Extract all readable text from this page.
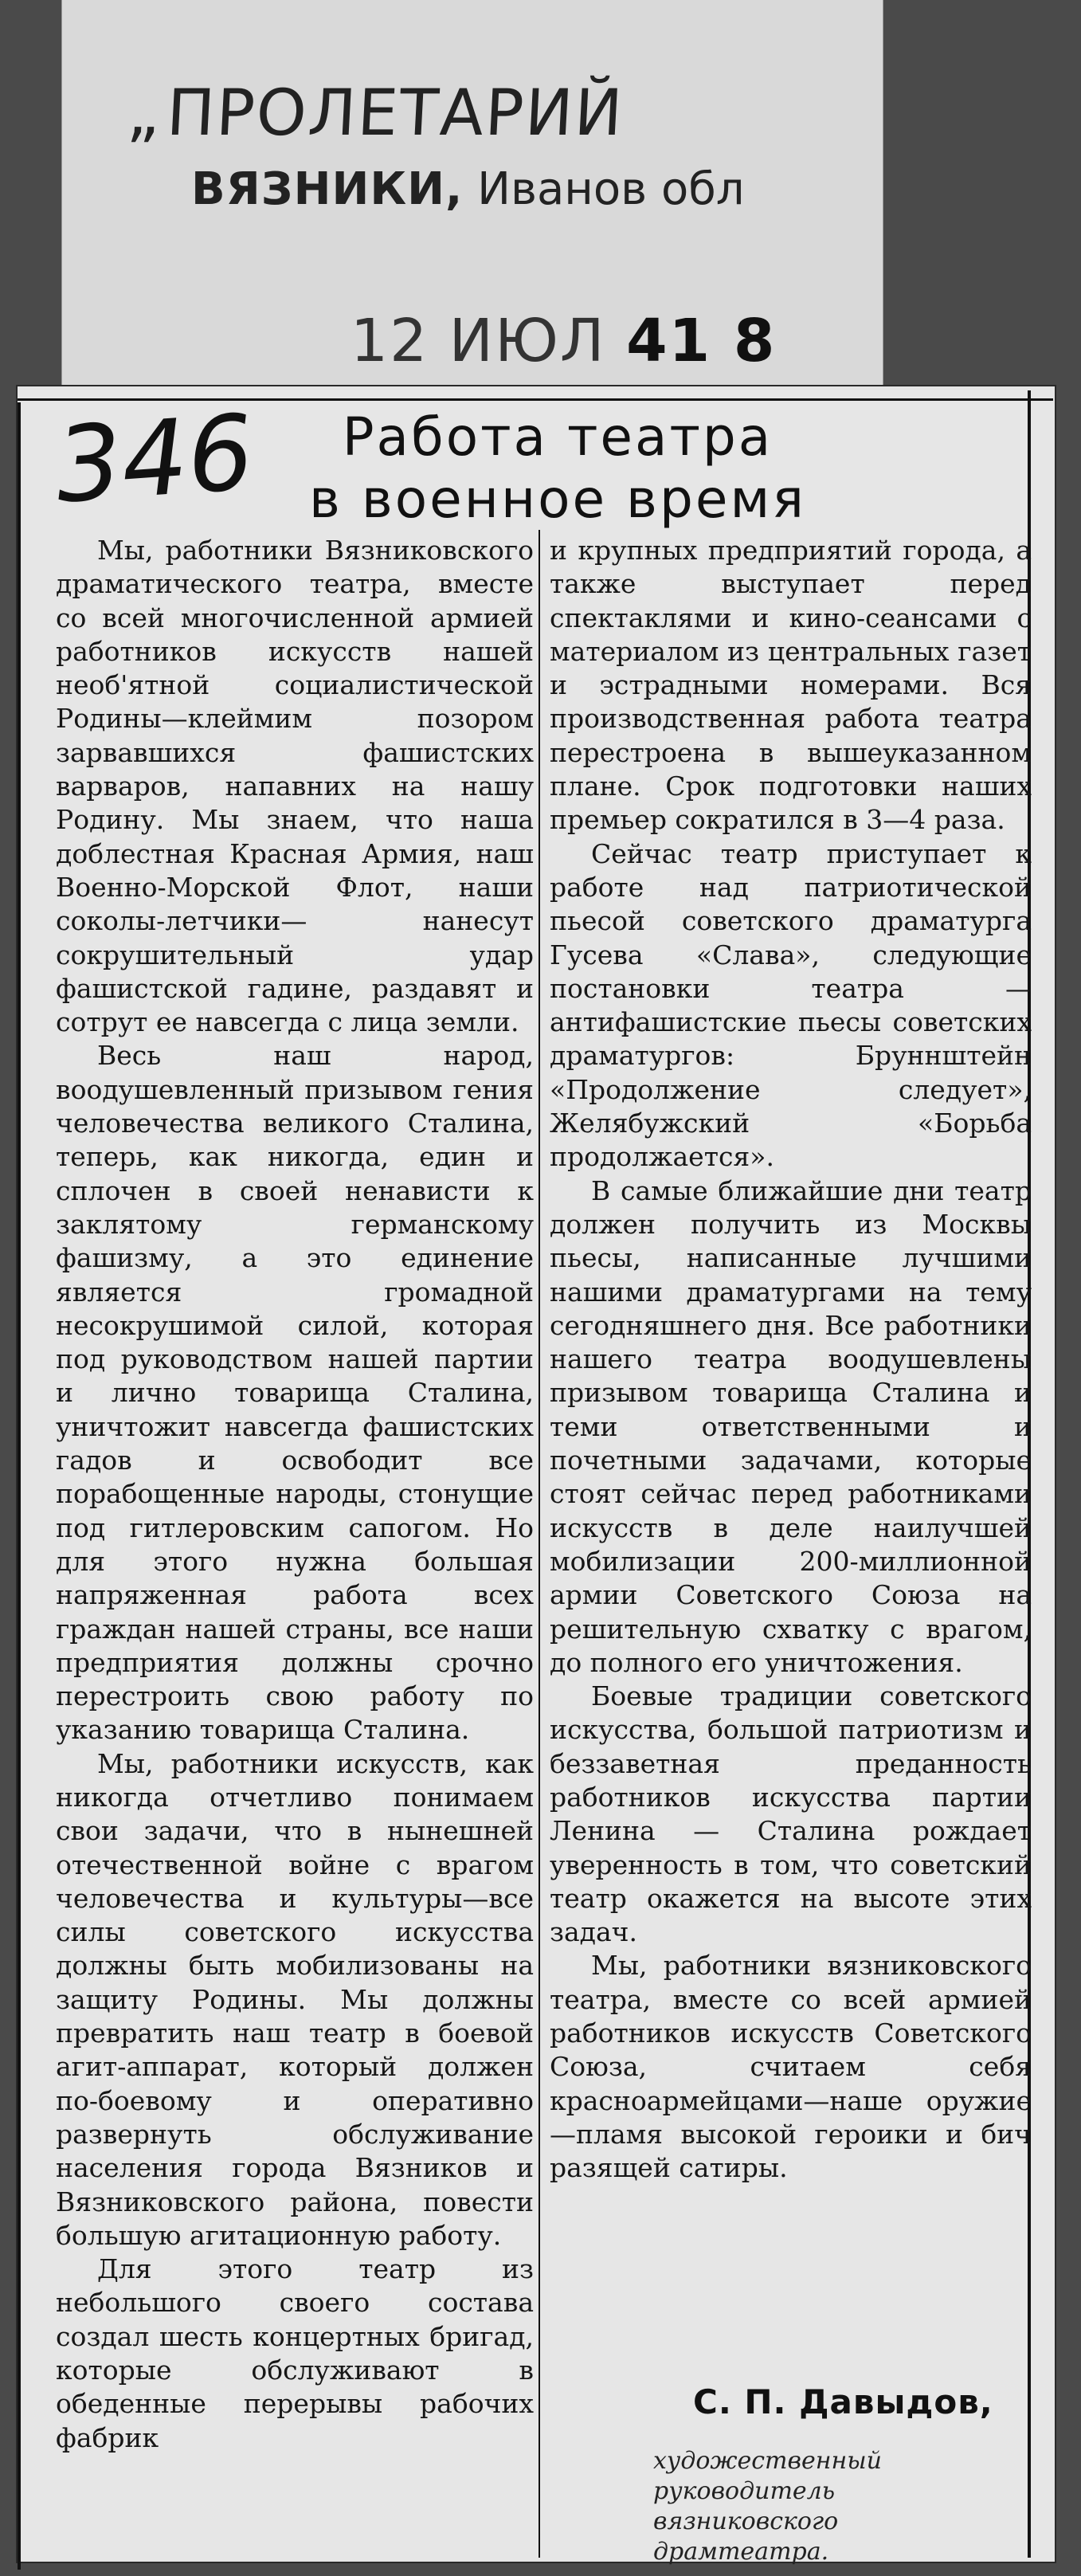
„ ПРОЛЕТАРИЙ
ВЯЗНИКИ, Иванов обл
12 ИЮЛ 41 8
346	Работа театра
в военное время

Мы, работники Вязниковского драматического театра, вместе со всей многочисленной армией работников искусств нашей необ'ятной социалистической Родины—клеймим позором зарвавшихся фашистских варваров, напавних на нашу Родину. Мы знаем, что наша доблестная Красная Армия, наш Военно-Морской Флот, наши соколы-летчики— нанесут сокрушительный удар фашистской гадине, раздавят и сотрут ее навсегда с лица земли.

Весь наш народ, воодушевленный призывом гения человечества великого Сталина, теперь, как никогда, един и сплочен в своей ненависти к заклятому германскому фашизму, а это единение является громадной несокрушимой силой, которая под руководством нашей партии и лично товарища Сталина, уничтожит навсегда фашистских гадов и освободит все порабощенные народы, стонущие под гитлеровским сапогом. Но для этого нужна большая напряженная работа всех граждан нашей страны, все наши предприятия должны срочно перестроить свою работу по указанию товарища Сталина.

Мы, работники искусств, как никогда отчетливо понимаем свои задачи, что в нынешней отечественной войне с врагом человечества и культуры—все силы советского искусства должны быть мобилизованы на защиту Родины. Мы должны превратить наш театр в боевой агит-аппарат, который должен по-боевому и оперативно развернуть обслуживание населения города Вязников и Вязниковского района, повести большую агитационную работу.

Для этого театр из небольшого своего состава создал шесть концертных бригад, которые обслуживают в обеденные перерывы рабочих фабрик

и крупных предприятий города, а также выступает перед спектаклями и кино-сеансами с материалом из центральных газет и эстрадными номерами. Вся производственная работа театра перестроена в вышеуказанном плане. Срок подготовки наших премьер сократился в 3—4 раза.

Сейчас театр приступает к работе над патриотической пьесой советского драматурга Гусева «Слава», следующие постановки театра — антифашистские пьесы советских драматургов: Бруннштейн «Продолжение следует», Желябужский «Борьба продолжается».

В самые ближайшие дни театр должен получить из Москвы пьесы, написанные лучшими нашими драматургами на тему сегодняшнего дня. Все работники нашего театра воодушевлены призывом товарища Сталина и теми ответственными и почетными задачами, которые стоят сейчас перед работниками искусств в деле наилучшей мобилизации 200-миллионной армии Советского Союза на решительную схватку с врагом, до полного его уничтожения.

Боевые традиции советского искусства, большой патриотизм и беззаветная преданность работников искусства партии Ленина — Сталина рождает уверенность в том, что советский театр окажется на высоте этих задач.

Мы, работники вязниковского театра, вместе со всей армией работников искусств Советского Союза, считаем себя красноармейцами—наше оружие—пламя высокой героики и бич разящей сатиры.

С. П. Давыдов,
художественный руководитель вязниковского драмтеатра.
